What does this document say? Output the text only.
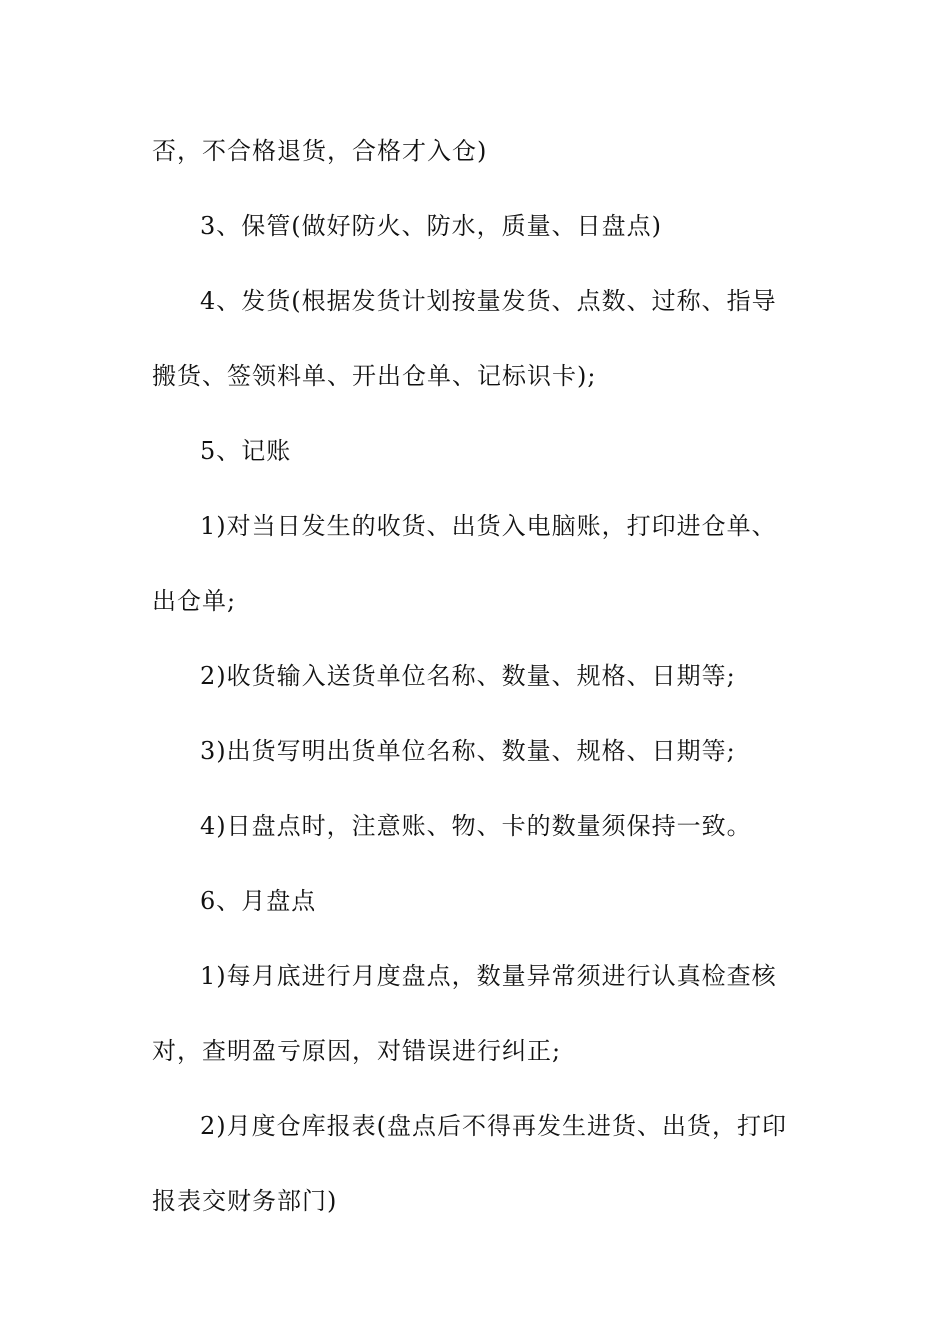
否，不合格退货，合格才入仓)
3、保管(做好防火、防水，质量、日盘点)
4、发货(根据发货计划按量发货、点数、过称、指导
搬货、签领料单、开出仓单、记标识卡);
5、记账
1)对当日发生的收货、出货入电脑账，打印进仓单、
出仓单;
2)收货输入送货单位名称、数量、规格、日期等;
3)出货写明出货单位名称、数量、规格、日期等;
4)日盘点时，注意账、物、卡的数量须保持一致。
6、月盘点
1)每月底进行月度盘点，数量异常须进行认真检查核
对，查明盈亏原因，对错误进行纠正;
2)月度仓库报表(盘点后不得再发生进货、出货，打印
报表交财务部门)
